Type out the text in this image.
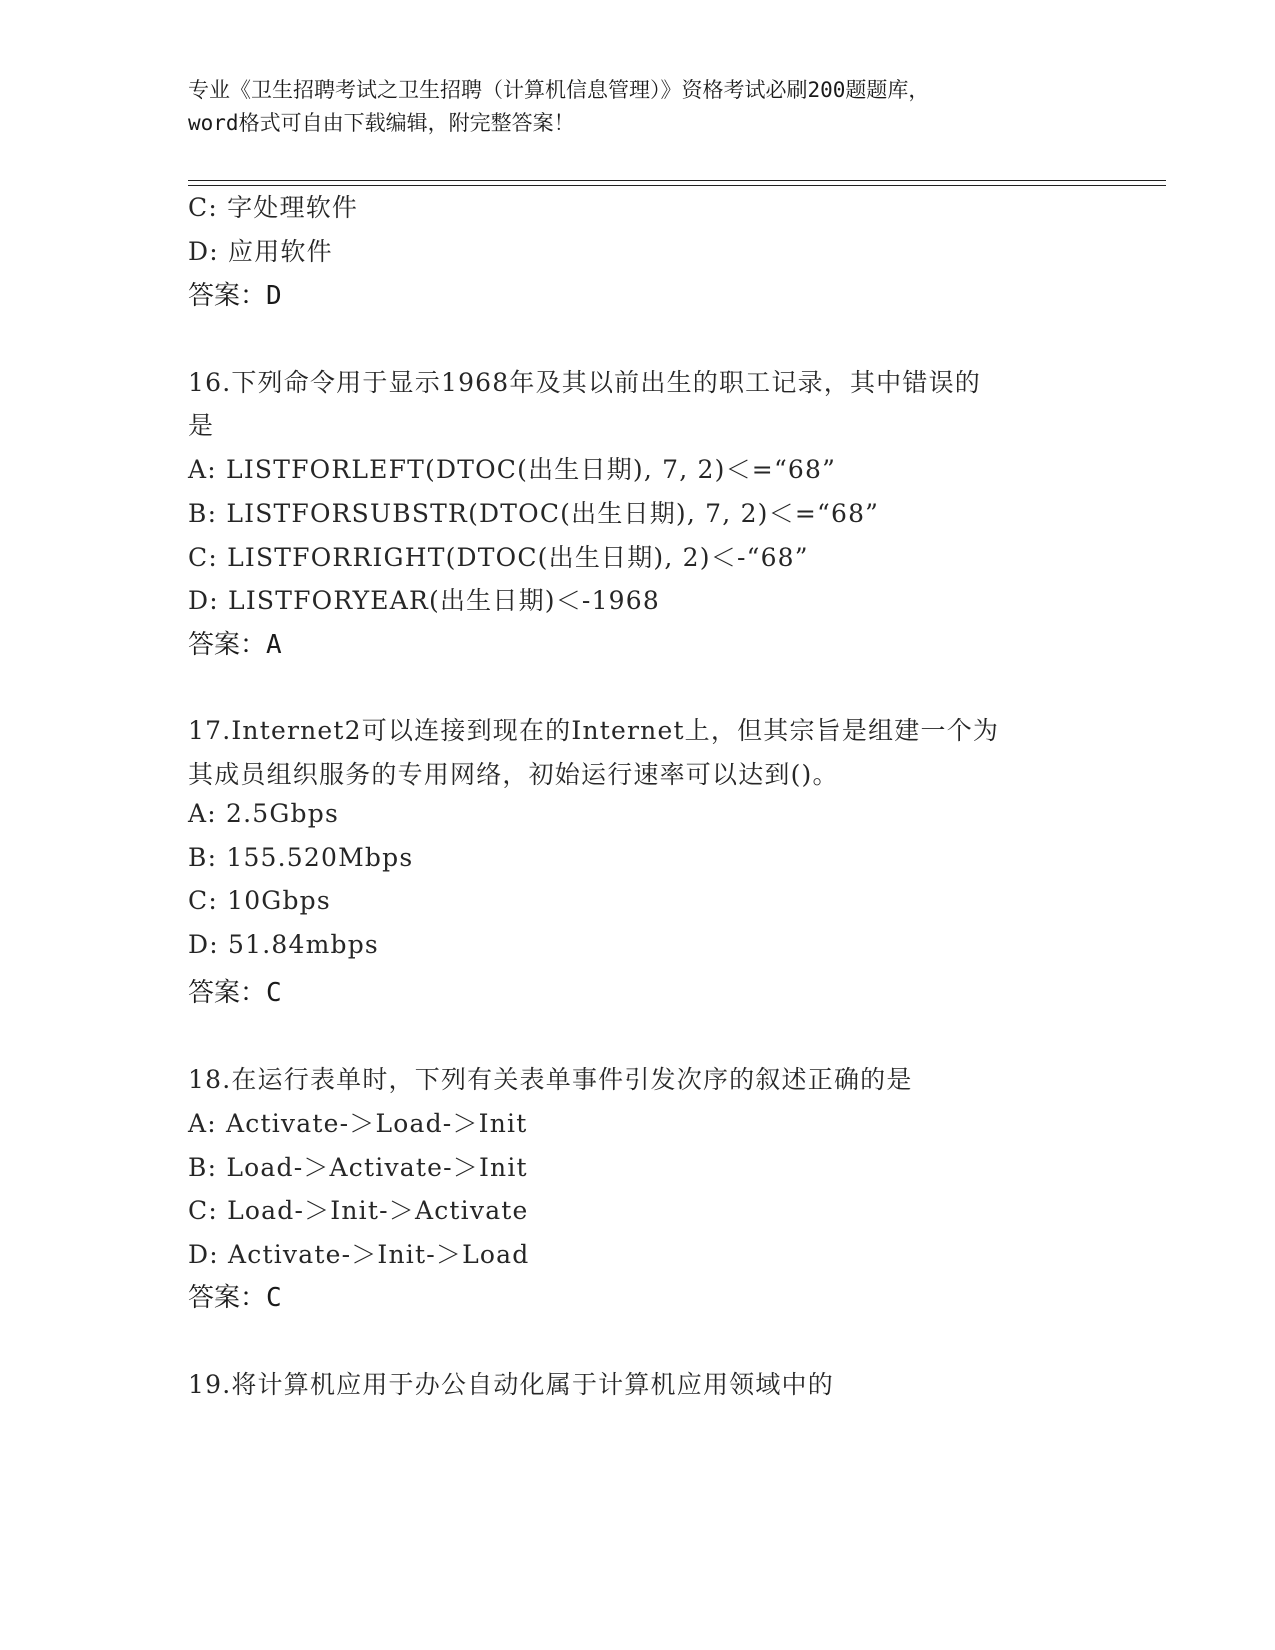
专业《卫生招聘考试之卫生招聘（计算机信息管理）》资格考试必刷200题题库，
word格式可自由下载编辑，附完整答案！
C: 字处理软件
D: 应用软件
答案：D
16.下列命令用于显示1968年及其以前出生的职工记录，其中错误的
是
A: LISTFORLEFT(DTOC(出生日期), 7, 2)＜=“68”
B: LISTFORSUBSTR(DTOC(出生日期), 7, 2)＜=“68”
C: LISTFORRIGHT(DTOC(出生日期), 2)＜-“68”
D: LISTFORYEAR(出生日期)＜-1968
答案：A
17.Internet2可以连接到现在的Internet上，但其宗旨是组建一个为
其成员组织服务的专用网络，初始运行速率可以达到()。
A: 2.5Gbps
B: 155.520Mbps
C: 10Gbps
D: 51.84mbps
答案：C
18.在运行表单时，下列有关表单事件引发次序的叙述正确的是
A: Activate-＞Load-＞Init
B: Load-＞Activate-＞Init
C: Load-＞Init-＞Activate
D: Activate-＞Init-＞Load
答案：C
19.将计算机应用于办公自动化属于计算机应用领域中的
